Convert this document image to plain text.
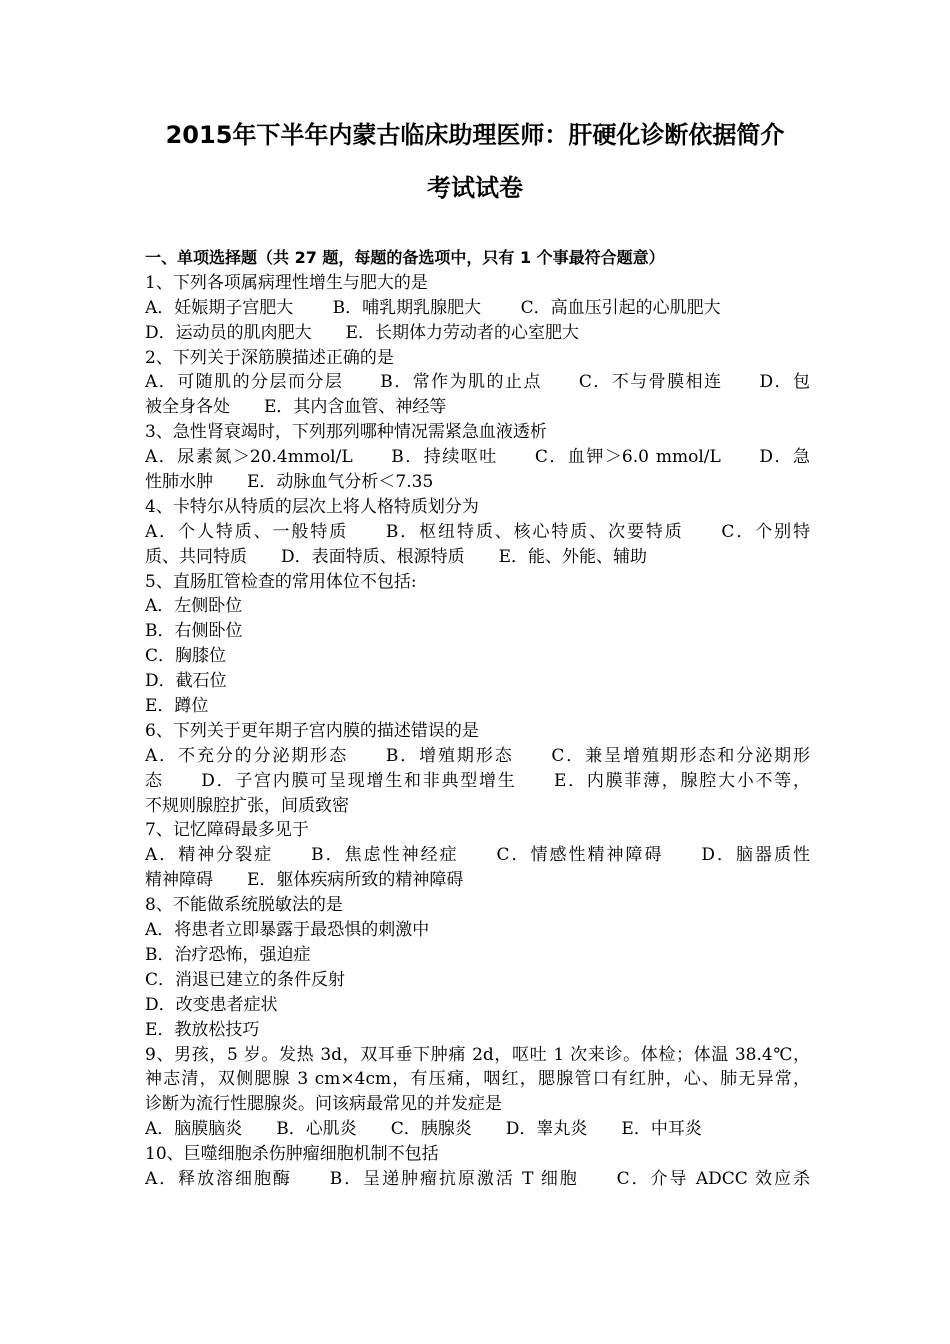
2015年下半年内蒙古临床助理医师：肝硬化诊断依据简介
考试试卷
一、单项选择题（共 27 题，每题的备选项中，只有 1 个事最符合题意）
1、下列各项属病理性增生与肥大的是
A．妊娠期子宫肥大　　 B．哺乳期乳腺肥大　　 C．高血压引起的心肌肥大
D．运动员的肌肉肥大　　E．长期体力劳动者的心室肥大
2、下列关于深筋膜描述正确的是
A．可随肌的分层而分层　　B．常作为肌的止点　　C．不与骨膜相连　　D．包
被全身各处　　E．其内含血管、神经等
3、急性肾衰竭时，下列那列哪种情况需紧急血液透析
A．尿素氮＞20.4mmol/L　　B．持续呕吐　　C．血钾＞6.0 mmol/L　　D．急
性肺水肿　　E．动脉血气分析＜7.35
4、卡特尔从特质的层次上将人格特质划分为
A．个人特质、一般特质　　B．枢纽特质、核心特质、次要特质　　C．个别特
质、共同特质　　D．表面特质、根源特质　　E．能、外能、辅助
5、直肠肛管检查的常用体位不包括:
A．左侧卧位
B．右侧卧位
C．胸膝位
D．截石位
E．蹲位
6、下列关于更年期子宫内膜的描述错误的是
A．不充分的分泌期形态　　B．增殖期形态　　C．兼呈增殖期形态和分泌期形
态　　D．子宫内膜可呈现增生和非典型增生　　E．内膜菲薄，腺腔大小不等，
不规则腺腔扩张，间质致密
7、记忆障碍最多见于
A．精神分裂症　　B．焦虑性神经症　　C．情感性精神障碍　　D．脑器质性
精神障碍　　E．躯体疾病所致的精神障碍
8、不能做系统脱敏法的是
A．将患者立即暴露于最恐惧的刺激中
B．治疗恐怖，强迫症
C．消退已建立的条件反射
D．改变患者症状
E．教放松技巧
9、男孩，5 岁。发热 3d，双耳垂下肿痛 2d，呕吐 1 次来诊。体检；体温 38.4℃，
神志清，双侧腮腺 3 cm×4cm，有压痛，咽红，腮腺管口有红肿，心、肺无异常，
诊断为流行性腮腺炎。问该病最常见的并发症是
A．脑膜脑炎　　B．心肌炎　　C．胰腺炎　　D．睾丸炎　　E．中耳炎
10、巨噬细胞杀伤肿瘤细胞机制不包括
A．释放溶细胞酶　　B．呈递肿瘤抗原激活 T 细胞　　C．介导 ADCC 效应杀
